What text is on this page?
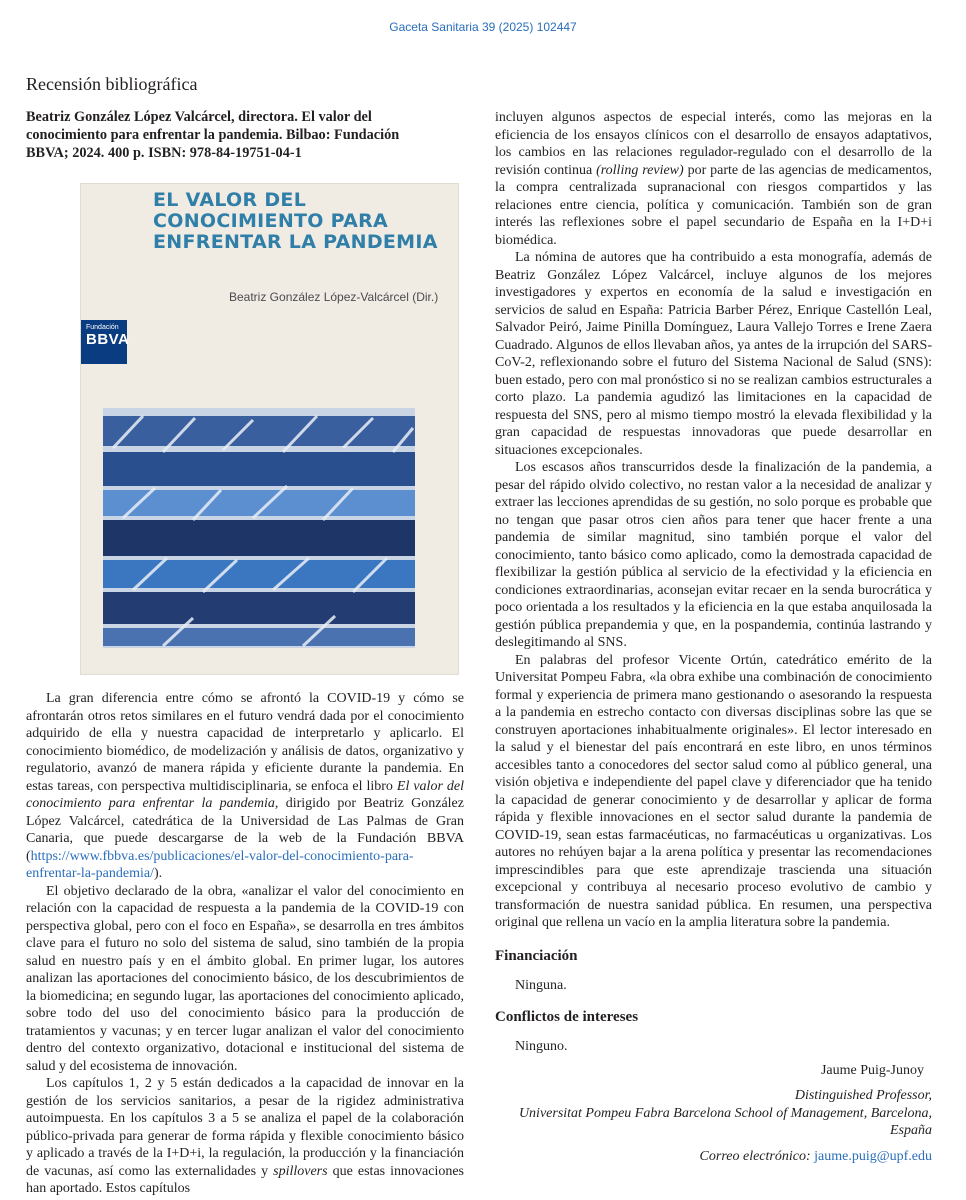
Gaceta Sanitaria 39 (2025) 102447
Recensión bibliográfica
Beatriz González López Valcárcel, directora. El valor del conocimiento para enfrentar la pandemia. Bilbao: Fundación BBVA; 2024. 400 p. ISBN: 978-84-19751-04-1
EL VALOR DEL
CONOCIMIENTO PARA
ENFRENTAR LA PANDEMIA
Beatriz González López-Valcárcel (Dir.)
Fundación
BBVA

La gran diferencia entre cómo se afrontó la COVID-19 y cómo se afrontarán otros retos similares en el futuro vendrá dada por el conocimiento adquirido de ella y nuestra capacidad de interpretarlo y aplicarlo. El conocimiento biomédico, de modelización y análisis de datos, organizativo y regulatorio, avanzó de manera rápida y eficiente durante la pandemia. En estas tareas, con perspectiva multidisciplinaria, se enfoca el libro El valor del conocimiento para enfrentar la pandemia, dirigido por Beatriz González López Valcárcel, catedrática de la Universidad de Las Palmas de Gran Canaria, que puede descargarse de la web de la Fundación BBVA (https://www.fbbva.es/publicaciones/el-valor-del-conocimiento-para-enfrentar-la-pandemia/).

El objetivo declarado de la obra, «analizar el valor del conocimiento en relación con la capacidad de respuesta a la pandemia de la COVID-19 con perspectiva global, pero con el foco en España», se desarrolla en tres ámbitos clave para el futuro no solo del sistema de salud, sino también de la propia salud en nuestro país y en el ámbito global. En primer lugar, los autores analizan las aportaciones del conocimiento básico, de los descubrimientos de la biomedicina; en segundo lugar, las aportaciones del conocimiento aplicado, sobre todo del uso del conocimiento básico para la producción de tratamientos y vacunas; y en tercer lugar analizan el valor del conocimiento dentro del contexto organizativo, dotacional e institucional del sistema de salud y del ecosistema de innovación.

Los capítulos 1, 2 y 5 están dedicados a la capacidad de innovar en la gestión de los servicios sanitarios, a pesar de la rigidez administrativa autoimpuesta. En los capítulos 3 a 5 se analiza el papel de la colaboración público-privada para generar de forma rápida y flexible conocimiento básico y aplicado a través de la I+D+i, la regulación, la producción y la financiación de vacunas, así como las externalidades y spillovers que estas innovaciones han aportado. Estos capítulos

incluyen algunos aspectos de especial interés, como las mejoras en la eficiencia de los ensayos clínicos con el desarrollo de ensayos adaptativos, los cambios en las relaciones regulador-regulado con el desarrollo de la revisión continua (rolling review) por parte de las agencias de medicamentos, la compra centralizada supranacional con riesgos compartidos y las relaciones entre ciencia, política y comunicación. También son de gran interés las reflexiones sobre el papel secundario de España en la I+D+i biomédica.

La nómina de autores que ha contribuido a esta monografía, además de Beatriz González López Valcárcel, incluye algunos de los mejores investigadores y expertos en economía de la salud e investigación en servicios de salud en España: Patricia Barber Pérez, Enrique Castellón Leal, Salvador Peiró, Jaime Pinilla Domínguez, Laura Vallejo Torres e Irene Zaera Cuadrado. Algunos de ellos llevaban años, ya antes de la irrupción del SARS-CoV-2, reflexionando sobre el futuro del Sistema Nacional de Salud (SNS): buen estado, pero con mal pronóstico si no se realizan cambios estructurales a corto plazo. La pandemia agudizó las limitaciones en la capacidad de respuesta del SNS, pero al mismo tiempo mostró la elevada flexibilidad y la gran capacidad de respuestas innovadoras que puede desarrollar en situaciones excepcionales.

Los escasos años transcurridos desde la finalización de la pandemia, a pesar del rápido olvido colectivo, no restan valor a la necesidad de analizar y extraer las lecciones aprendidas de su gestión, no solo porque es probable que no tengan que pasar otros cien años para tener que hacer frente a una pandemia de similar magnitud, sino también porque el valor del conocimiento, tanto básico como aplicado, como la demostrada capacidad de flexibilizar la gestión pública al servicio de la efectividad y la eficiencia en condiciones extraordinarias, aconsejan evitar recaer en la senda burocrática y poco orientada a los resultados y la eficiencia en la que estaba anquilosada la gestión pública prepandemia y que, en la pospandemia, continúa lastrando y deslegitimando al SNS.

En palabras del profesor Vicente Ortún, catedrático emérito de la Universitat Pompeu Fabra, «la obra exhibe una combinación de conocimiento formal y experiencia de primera mano gestionando o asesorando la respuesta a la pandemia en estrecho contacto con diversas disciplinas sobre las que se construyen aportaciones inhabitualmente originales». El lector interesado en la salud y el bienestar del país encontrará en este libro, en unos términos accesibles tanto a conocedores del sector salud como al público general, una visión objetiva e independiente del papel clave y diferenciador que ha tenido la capacidad de generar conocimiento y de desarrollar y aplicar de forma rápida y flexible innovaciones en el sector salud durante la pandemia de COVID-19, sean estas farmacéuticas, no farmacéuticas u organizativas. Los autores no rehúyen bajar a la arena política y presentar las recomendaciones imprescindibles para que este aprendizaje trascienda una situación excepcional y contribuya al necesario proceso evolutivo de cambio y transformación de nuestra sanidad pública. En resumen, una perspectiva original que rellena un vacío en la amplia literatura sobre la pandemia.

Financiación

Ninguna.

Conflictos de intereses

Ninguno.

Jaume Puig-Junoy

Distinguished Professor,

Universitat Pompeu Fabra Barcelona School of Management, Barcelona,

España

Correo electrónico: jaume.puig@upf.edu
